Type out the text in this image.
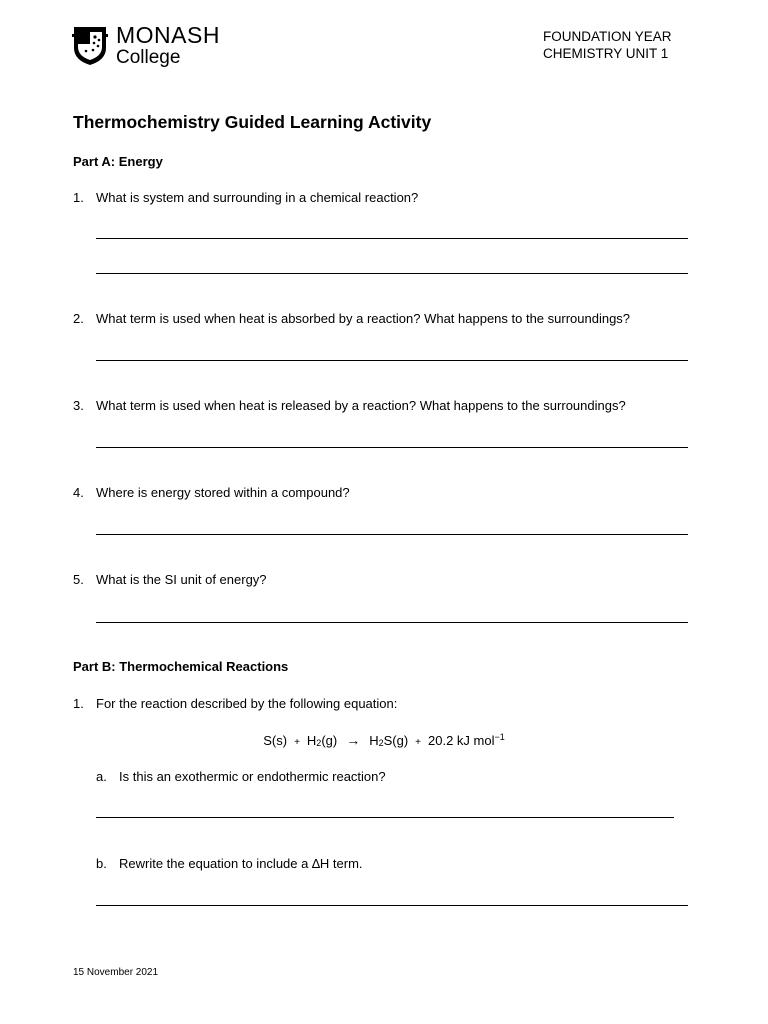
MONASH
College
FOUNDATION YEAR
CHEMISTRY UNIT 1
Thermochemistry Guided Learning Activity
Part A: Energy
1. What is system and surrounding in a chemical reaction?
2. What term is used when heat is absorbed by a reaction? What happens to the surroundings?
3. What term is used when heat is released by a reaction? What happens to the surroundings?
4. Where is energy stored within a compound?
5. What is the SI unit of energy?
Part B: Thermochemical Reactions
1. For the reaction described by the following equation:
$S(s) + H_2(g) \to H_2S(g) + 20.2$ kJ mol$^{-1}$
a. Is this an exothermic or endothermic reaction?
b. Rewrite the equation to include a ∆H term.
15 November 2021
